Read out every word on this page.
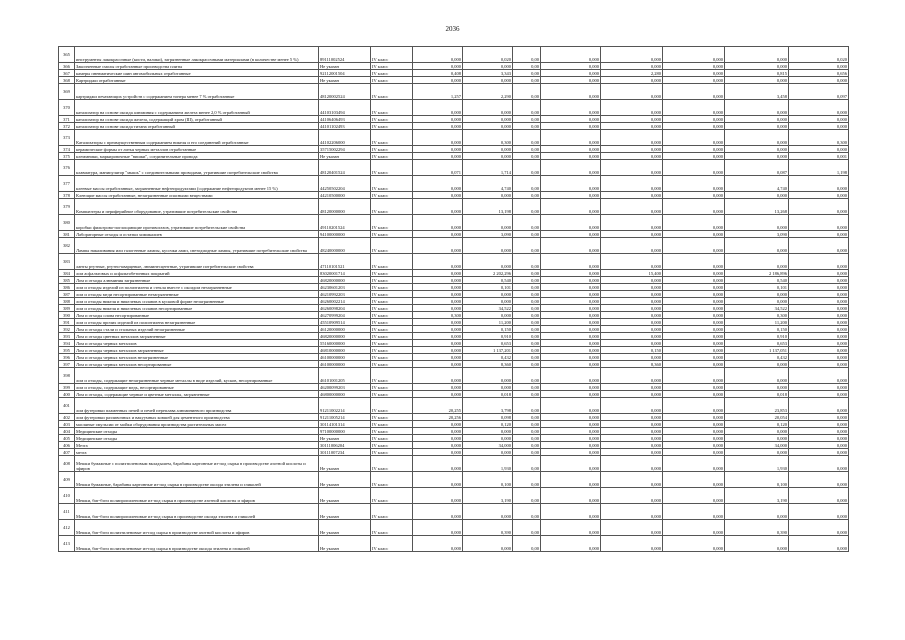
2036
365	инструменты лакокрасочные (кисти, валики), загрязненные лакокрасочными материалами (в количестве менее 5 %)	89111002524	IV класс	0,000	0,020	0,00	0,000	0,000	0,000	0,000	0,020
366	Закопченные смолы отработанные производства плиты	Не указан	IV класс	0,000	0,000	0,00	0,000	0,000	0,000	0,000	0,000
367	камеры пневматические шин автомобильных отработанные	92112001504	IV класс	0,408	3,343	0,00	0,000	2,280	0,000	0,815	0,656
368	Картриджи отработанные	Не указан	IV класс	0,000	0,000	0,00	0,000	0,000	0,000	0,000	0,000
369	картриджи печатающих устройств с содержанием тонера менее 7 % отработанные	48120002524	IV класс	1,257	2,290	0,00	0,000	0,000	0,000	3,458	0,097
370	катализатор на основе оксида алюминия с содержанием железа менее 2,0 % отработанный	44103103494	IV класс	0,000	0,000	0,00	0,000	0,000	0,000	0,000	0,000
371	катализатор на основе оксида железа, содержащий хром (III), отработанный	44106406493	IV класс	0,000	0,000	0,00	0,000	0,000	0,000	0,000	0,000
372	катализатор на основе оксида титана отработанный	44101102493	IV класс	0,000	0,000	0,00	0,000	0,000	0,000	0,000	0,000
373	Катализаторы с преимущественным содержанием никеля и его соединений отработанные	44102206000	IV класс	0,000	0,300	0,00	0,000	0,000	0,000	0,000	0,300
374	керамические формы от литья черных металлов отработанные	35715002294	IV класс	0,000	0,000	0,00	0,000	0,000	0,000	0,000	0,000
375	клеммники, маркировочные "вишки", соединительные провода	Не указан	IV класс	0,000	0,000	0,00	0,000	0,000	0,000	0,000	0,001
376	клавиатура, манипулятор "мышь" с соединительными проводами, утратившие потребительские свойства	48120401524	IV класс	0,071	1,714	0,00	0,000	0,000	0,000	0,087	1,198
377	клеевые массы отработанные, загрязненные нефтепродуктами (содержание нефтепродуктов менее 15 %)	44250502204	IV класс	0,000	4,740	0,00	0,000	0,000	0,000	4,740	0,000
378	Клеющие массы отработанные, незагрязненные опасными веществами	44210500000	IV класс	0,000	0,000	0,00	0,000	0,000	0,000	0,000	0,000
379	Компьютеры и периферийное оборудование, утратившие потребительские свойства	48120000000	IV класс	0,000	13,198	0,00	0,000	0,000	0,000	13,268	0,000
380	коробки фильтрово-поглощающие противогазов, утратившие потребительские свойства	49110201524	IV класс	0,000	0,000	0,00	0,000	0,000	0,000	0,000	0,000
381	Лабораторные отходы и остатки химикалиев	94100000000	IV класс	0,000	3,090	0,00	0,000	0,000	0,000	3,090	0,000
382	Лампы накаливания или галогенные лампы, кусочки ламп, светодиодные лампы, утратившие потребительские свойства	48240000000	IV класс	0,000	0,000	0,00	0,000	0,000	0,000	0,000	0,000
383	ланты ртутные, ртутно-кварцевые, люминесцентные, утратившие потребительские свойства	47110101521	IV класс	0,000	0,000	0,00	0,000	0,000	0,000	0,000	0,000
384	лом асфальтовых и асфальтобетонных покрытий	83020001714	IV класс	0,000	2 202,296	0,00	0,000	15,400	0,000	2 186,896	0,000
385	Лом и отходы алюминия загрязненные	46820000000	IV класс	0,000	0,540	0,00	0,000	0,000	0,000	0,540	0,000
386	лом и отходы изделий из полиэтилена и стекла вместе с оксидом незагрязненные	46230601203	IV класс	0,000	0,101	0,00	0,000	0,000	0,000	0,101	0,000
387	лом и отходы меди несортированные незагрязненные	46210992203	IV класс	0,000	0,000	0,00	0,000	0,000	0,000	0,000	0,000
388	лом и отходы никеля и никелевых сплавов в кусковой форме незагрязненные	46260002214	IV класс	0,000	0,000	0,00	0,000	0,000	0,000	0,000	0,000
389	лом и отходы никеля и никелевых сплавов несортированные	46260098204	IV класс	0,000	34,522	0,00	0,000	0,000	0,000	34,522	0,000
390	Лом и отходы олова несортированные	46270999204	IV класс	0,300	0,000	0,00	0,000	0,000	0,000	0,300	0,000
391	лом и отходы прочих изделий из полиэтилена незагрязненные	45510909514	IV класс	0,000	11,200	0,00	0,000	0,000	0,000	11,200	0,000
392	Лом и отходы стали и стальных изделий незагрязненные	46120000000	IV класс	0,000	0,150	0,00	0,000	0,000	0,000	0,150	0,000
393	Лом и отходы цветных металлов загрязненные	46820000000	IV класс	0,000	0,910	0,00	0,000	0,000	0,000	0,910	0,000
394	Лом и отходы черных металлов	55160000000	IV класс	0,000	0,653	0,00	0,000	0,000	0,000	0,653	0,000
395	Лом и отходы черных металлов загрязненные	46810000000	IV класс	0,000	1 137,201	0,00	0,000	0,150	0,000	1 137,051	0,000
396	Лом и отходы черных металлов незагрязненные	46100000000	IV класс	0,000	0,432	0,00	0,000	0,000	0,000	0,432	0,000
397	Лом и отходы черных металлов несортированные	46100000000	IV класс	0,000	8,360	0,00	0,000	8,360	0,000	0,000	0,000
398	лом и отходы, содержащие незагрязненные черные металлы в виде изделий, кусков, несортированные	46101001205	IV класс	0,000	0,000	0,00	0,000	0,000	0,000	0,000	0,000
399	лом и отходы, содержащие медь, несортированные	46200099203	IV класс	0,000	0,000	0,00	0,000	0,000	0,000	0,000	0,000
400	Лом и отходы, содержащие черные и цветные металлы, загрязненные	46800000000	IV класс	0,000	0,018	0,00	0,000	0,000	0,000	0,018	0,000
401	лом футеровки пламенных печей и печей переплава алюминиевого производства	91211002214	IV класс	20,255	3,798	0,00	0,000	0,000	0,000	23,853	0,000
402	лом футеровки разливочных и вакуумных ковшей для цементного производства	91211005214	IV класс	20,256	0,098	0,00	0,000	0,000	0,000	20,054	0,000
403	масляные эмульсии от мойки оборудования производства растительных масел	30114101314	IV класс	0,000	0,120	0,00	0,000	0,000	0,000	0,120	0,000
404	Медицинские отходы	97100000000	IV класс	0,000	0,000	0,00	0,000	0,000	0,000	0,000	0,000
405	Медицинские отходы	Не указан	IV класс	0,000	0,000	0,00	0,000	0,000	0,000	0,000	0,000
406	Мезга	30111006204	IV класс	0,000	34,000	0,00	0,000	0,000	0,000	34,000	0,000
407	мезга	30111007234	IV класс	0,000	0,000	0,00	0,000	0,000	0,000	0,000	0,000
408	Мешки бумажные с полиэтиленовым вкладышем, барабаны картонные из-под сырья в производстве азотной кислоты и эфиров	Не указан	IV класс	0,000	1,930	0,00	0,000	0,000	0,000	1,930	0,000
409	Мешки бумажные, барабаны картонные из-под сырья в производстве оксида этилена и гликолей	Не указан	IV класс	0,000	0,100	0,00	0,000	0,000	0,000	0,100	0,000
410	Мешки, биг-бэги полипропиленовые из-под сырья в производстве азотной кислоты и эфиров	Не указан	IV класс	0,000	3,190	0,00	0,000	0,000	0,000	3,190	0,000
411	Мешки, биг-бэги полипропиленовые из-под сырья в производстве оксида этилена и гликолей	Не указан	IV класс	0,000	0,000	0,00	0,000	0,000	0,000	0,000	0,000
412	Мешки, биг-бэги полиэтиленовые из-под сырья в производстве азотной кислоты и эфиров	Не указан	IV класс	0,000	0,390	0,00	0,000	0,000	0,000	0,390	0,000
413	Мешки, биг-бэги полиэтиленовые из-под сырья в производстве оксида этилена и гликолей	Не указан	IV класс	0,000	0,000	0,00	0,000	0,000	0,000	0,000	0,000
